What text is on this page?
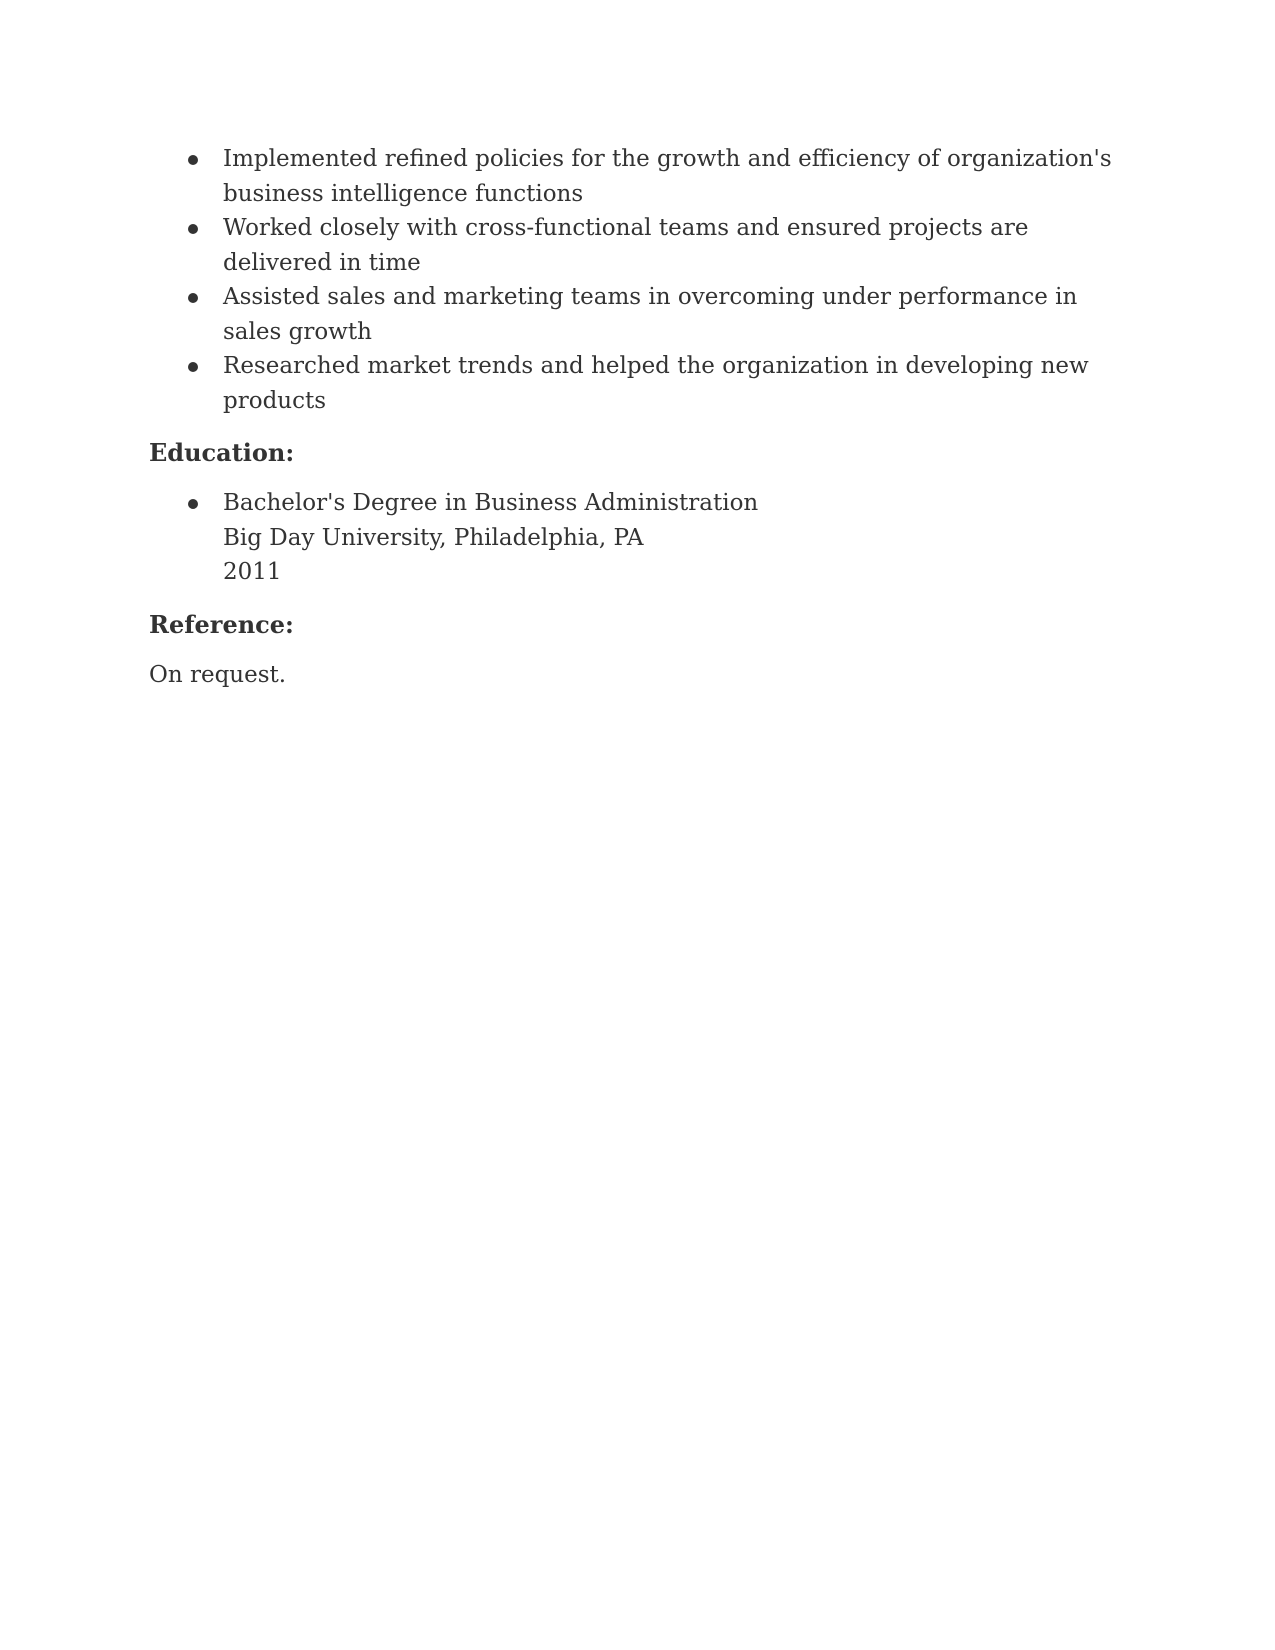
Implemented refined policies for the growth and efficiency of organization's business intelligence functions
Worked closely with cross-functional teams and ensured projects are delivered in time
Assisted sales and marketing teams in overcoming under performance in sales growth
Researched market trends and helped the organization in developing new products
Education:
Bachelor's Degree in Business Administration
Big Day University, Philadelphia, PA
2011
Reference:

On request.
